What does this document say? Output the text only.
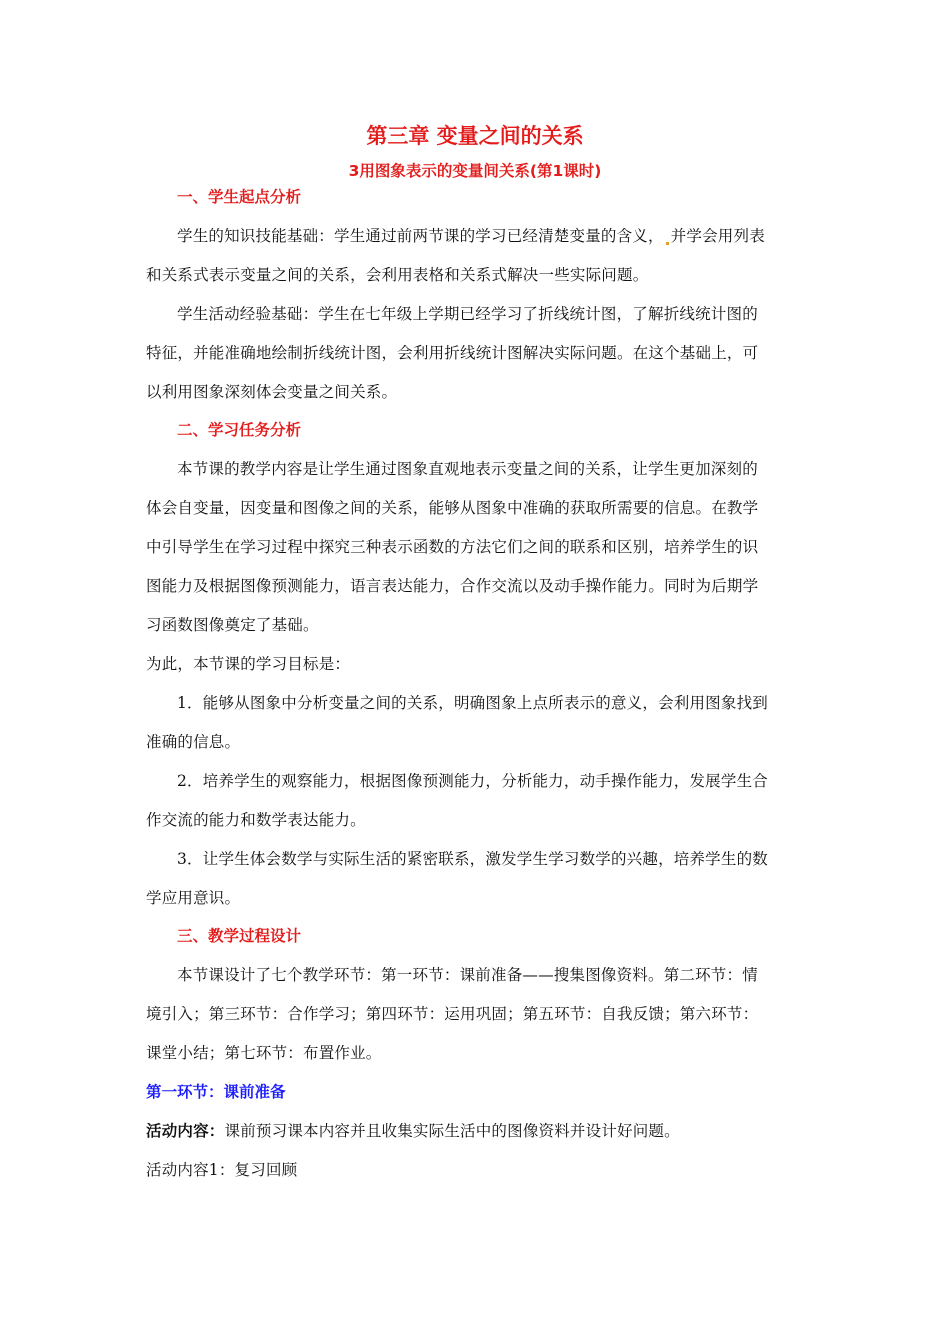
第三章 变量之间的关系
3用图象表示的变量间关系(第1课时)
一、学生起点分析
学生的知识技能基础：学生通过前两节课的学习已经清楚变量的含义， 并学会用列表
和关系式表示变量之间的关系，会利用表格和关系式解决一些实际问题。
学生活动经验基础：学生在七年级上学期已经学习了折线统计图，了解折线统计图的
特征，并能准确地绘制折线统计图，会利用折线统计图解决实际问题。在这个基础上，可
以利用图象深刻体会变量之间关系。
二、学习任务分析
本节课的教学内容是让学生通过图象直观地表示变量之间的关系，让学生更加深刻的
体会自变量，因变量和图像之间的关系，能够从图象中准确的获取所需要的信息。在教学
中引导学生在学习过程中探究三种表示函数的方法它们之间的联系和区别，培养学生的识
图能力及根据图像预测能力，语言表达能力，合作交流以及动手操作能力。同时为后期学
习函数图像奠定了基础。
为此，本节课的学习目标是：
1．能够从图象中分析变量之间的关系，明确图象上点所表示的意义，会利用图象找到
准确的信息。
2．培养学生的观察能力，根据图像预测能力，分析能力，动手操作能力，发展学生合
作交流的能力和数学表达能力。
3．让学生体会数学与实际生活的紧密联系，激发学生学习数学的兴趣，培养学生的数
学应用意识。
三、教学过程设计
本节课设计了七个教学环节：第一环节：课前准备——搜集图像资料。第二环节：情
境引入；第三环节：合作学习；第四环节：运用巩固；第五环节：自我反馈；第六环节：
课堂小结；第七环节：布置作业。
第一环节：课前准备
活动内容：课前预习课本内容并且收集实际生活中的图像资料并设计好问题。
活动内容1：复习回顾
